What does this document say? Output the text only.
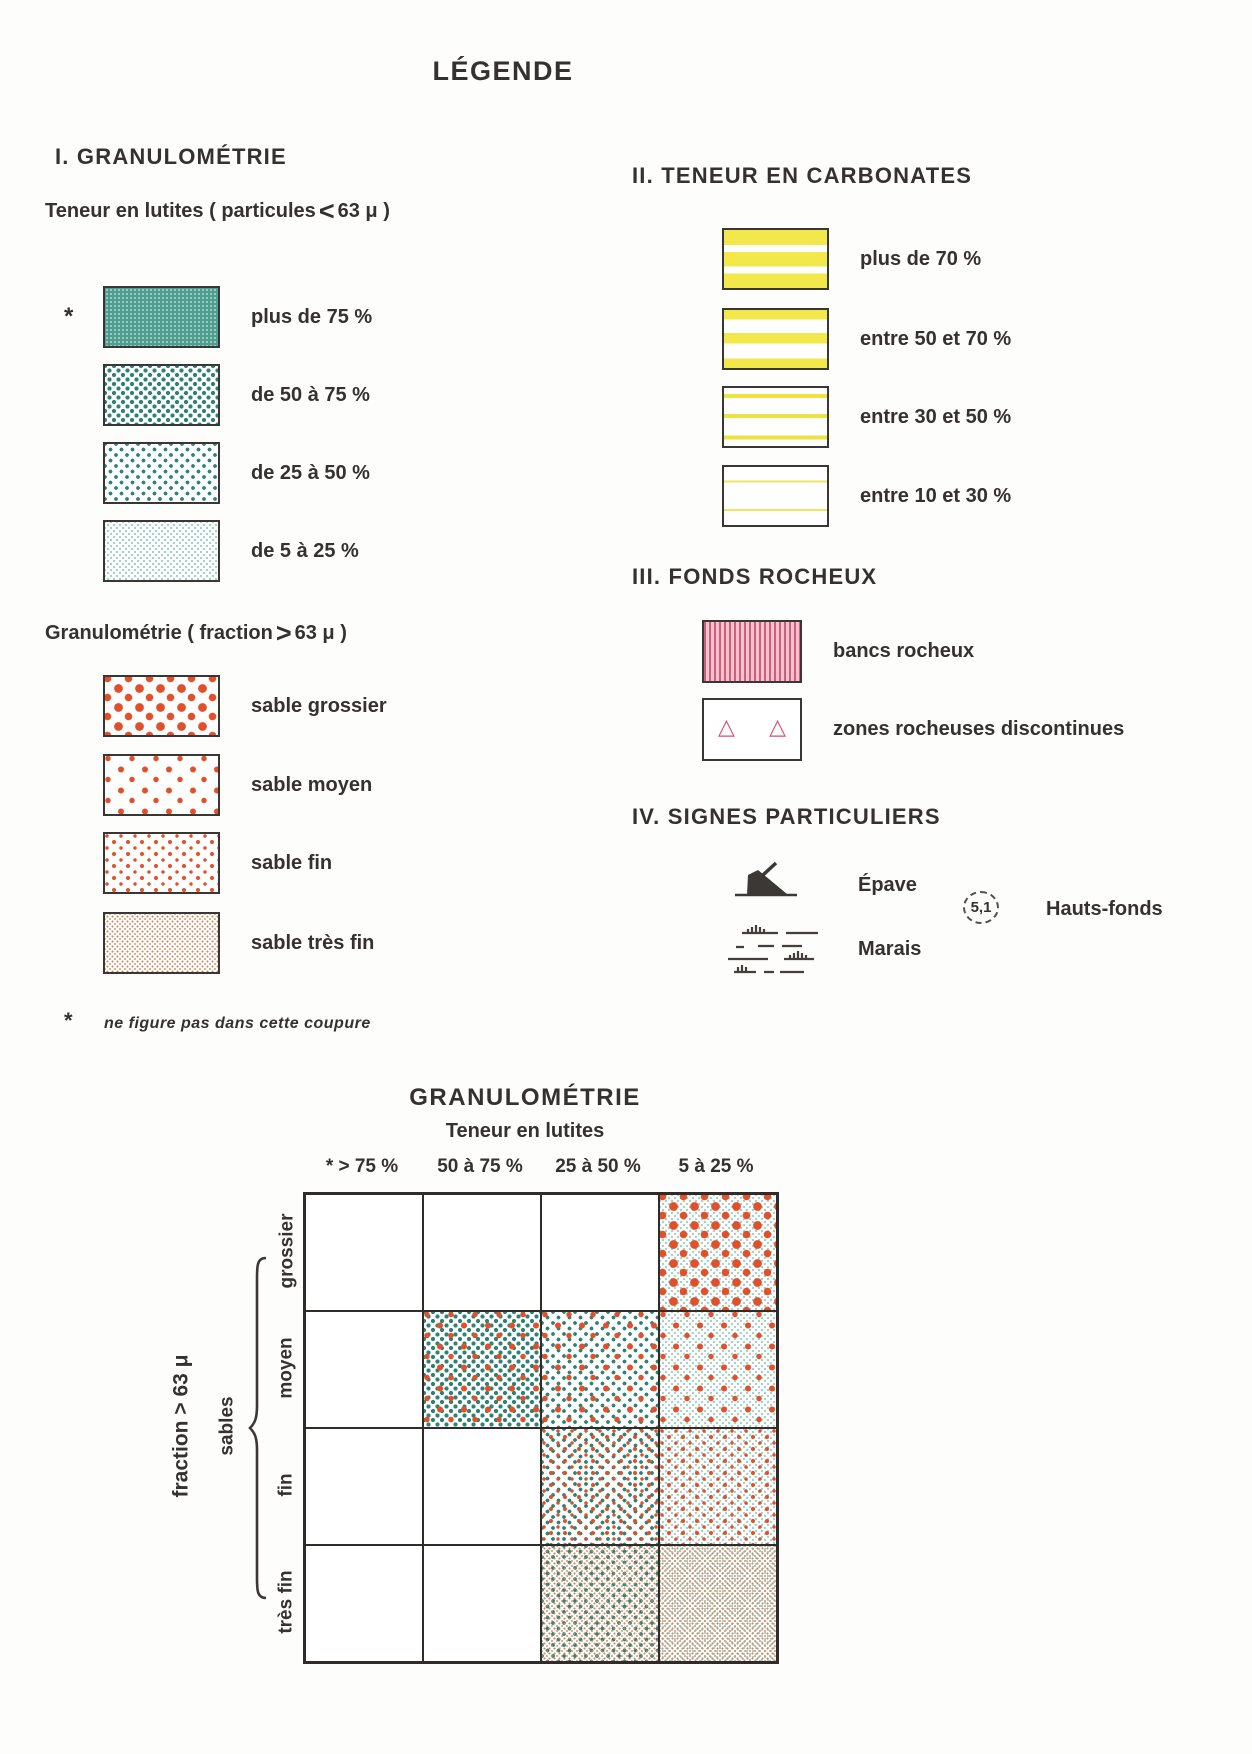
LÉGENDE
I. GRANULOMÉTRIE
Teneur en lutites ( particules < 63 μ )
*	plus de 75 %
de 50 à 75 %
de 25 à 50 %
de 5 à 25 %
Granulométrie ( fraction > 63 μ )
sable grossier
sable moyen
sable fin
sable très fin
*	ne figure pas dans cette coupure
II. TENEUR EN CARBONATES
plus de 70 %
entre 50 et 70 %
entre 30 et 50 %
entre 10 et 30 %
III. FONDS ROCHEUX
bancs rocheux
△ △ zones rocheuses discontinues
IV. SIGNES PARTICULIERS
Épave
Marais
5,1	Hauts-fonds
GRANULOMÉTRIE
Teneur en lutites
* > 75 %	50 à 75 %	25 à 50 %	5 à 25 %
fraction > 63 μ sables
grossier
moyen
fin
très fin
